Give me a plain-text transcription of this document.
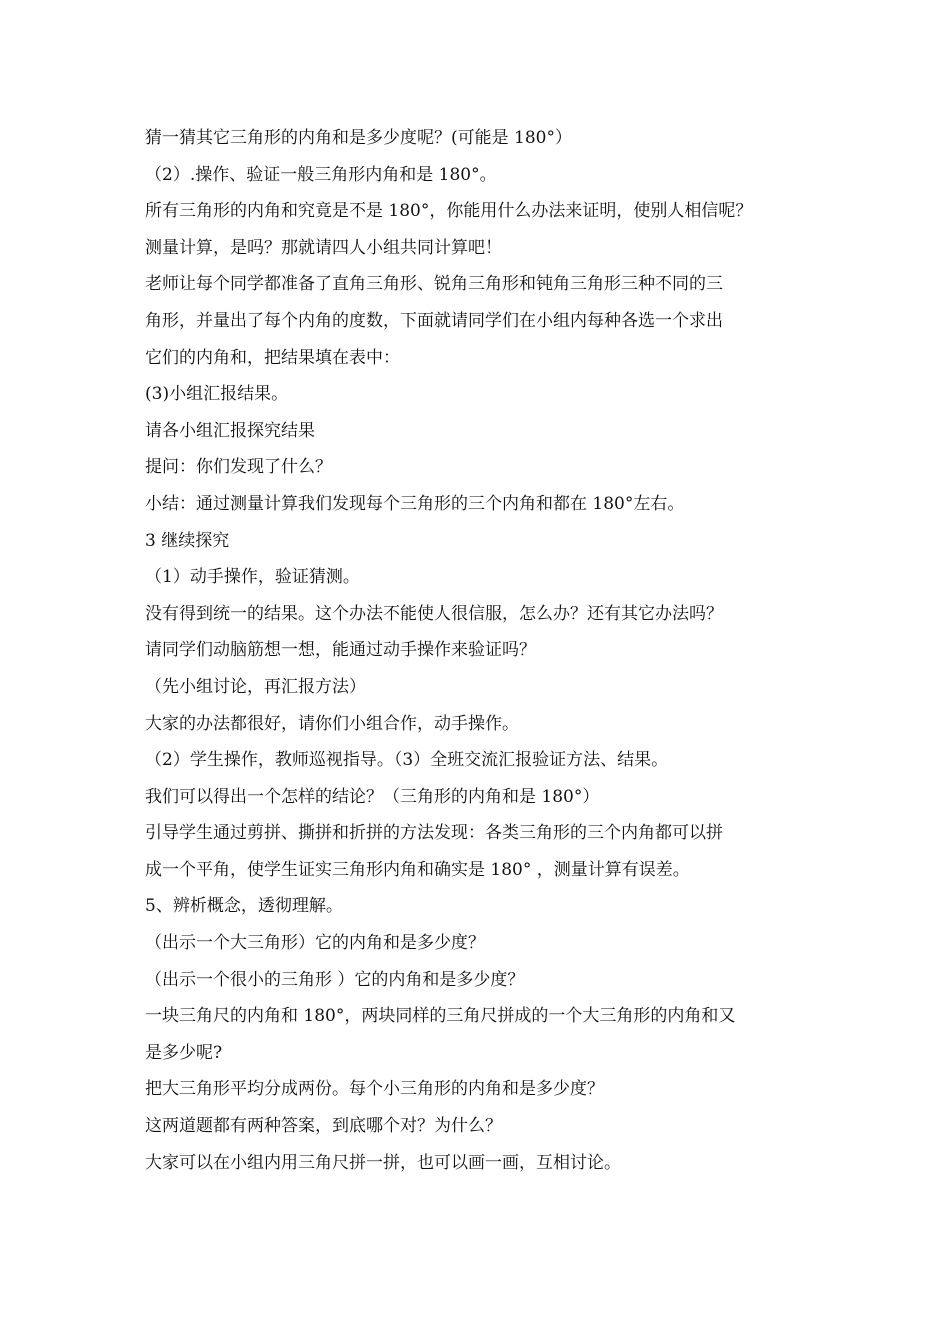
猜一猜其它三角形的内角和是多少度呢？(可能是 180°）
（2）.操作、验证一般三角形内角和是 180°。
所有三角形的内角和究竟是不是 180°，你能用什么办法来证明，使别人相信呢？
测量计算，是吗？那就请四人小组共同计算吧！
老师让每个同学都准备了直角三角形、锐角三角形和钝角三角形三种不同的三
角形，并量出了每个内角的度数，下面就请同学们在小组内每种各选一个求出
它们的内角和，把结果填在表中：
(3)小组汇报结果。
请各小组汇报探究结果
提问：你们发现了什么？
小结：通过测量计算我们发现每个三角形的三个内角和都在 180°左右。
3 继续探究
（1）动手操作，验证猜测。
没有得到统一的结果。这个办法不能使人很信服，怎么办？还有其它办法吗？
请同学们动脑筋想一想，能通过动手操作来验证吗？
（先小组讨论，再汇报方法）
大家的办法都很好，请你们小组合作，动手操作。
（2）学生操作，教师巡视指导。（3）全班交流汇报验证方法、结果。
我们可以得出一个怎样的结论？（三角形的内角和是 180°）
引导学生通过剪拼、撕拼和折拼的方法发现：各类三角形的三个内角都可以拼
成一个平角，使学生证实三角形内角和确实是 180° ，测量计算有误差。
5、辨析概念，透彻理解。
（出示一个大三角形）它的内角和是多少度？
（出示一个很小的三角形 ）它的内角和是多少度？
一块三角尺的内角和 180°，两块同样的三角尺拼成的一个大三角形的内角和又
是多少呢?
把大三角形平均分成两份。每个小三角形的内角和是多少度？
这两道题都有两种答案，到底哪个对？为什么？
大家可以在小组内用三角尺拼一拼，也可以画一画，互相讨论。
